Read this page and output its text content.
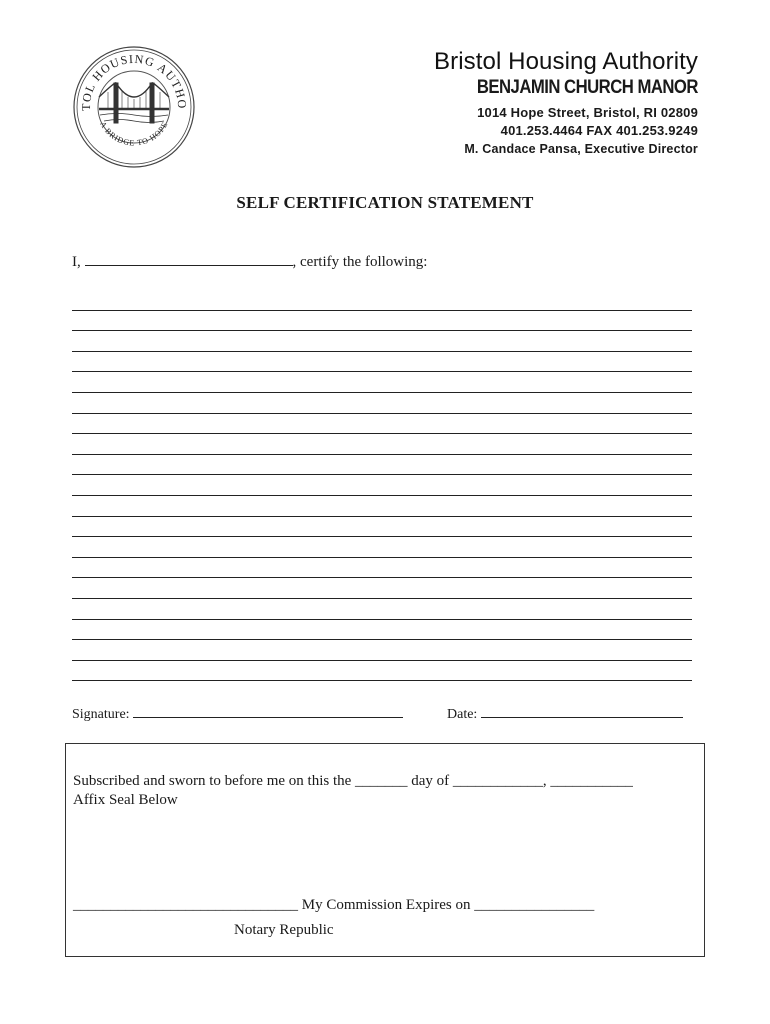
TOL HOUSING AUTHO
A BRIDGE TO HOPE
Bristol Housing Authority
BENJAMIN CHURCH MANOR
1014 Hope Street, Bristol, RI 02809
401.253.4464 FAX 401.253.9249
M. Candace Pansa, Executive Director
SELF CERTIFICATION STATEMENT
I,	, certify the following:
Signature:	Date:
Subscribed and sworn to before me on this the _______ day of ____________, ___________
Affix Seal Below
______________________________ My Commission Expires on ________________
Notary Republic
